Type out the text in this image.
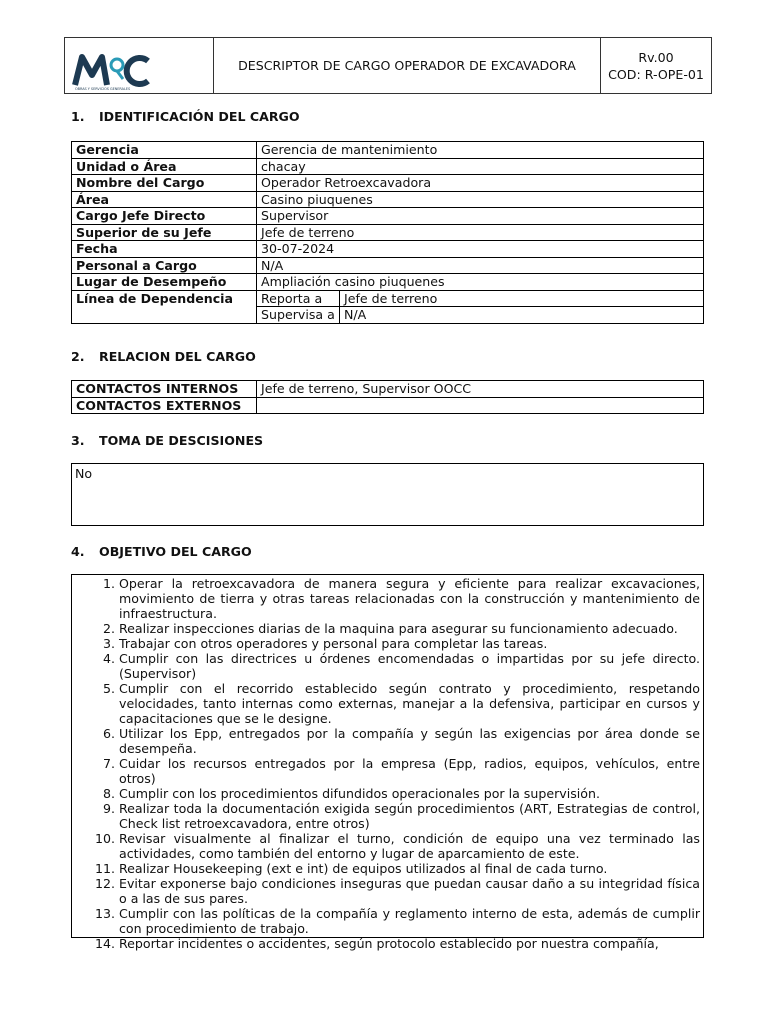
OBRAS Y SERVICIOS GENERALES
	DESCRIPTOR DE CARGO OPERADOR DE EXCAVADORA	
Rv.00
COD: R-OPE-01
1. IDENTIFICACIÓN DEL CARGO
Gerencia	Gerencia de mantenimiento	
Unidad o Área	chacay	
Nombre del Cargo	Operador Retroexcavadora	
Área	Casino piuquenes	
Cargo Jefe Directo	Supervisor	
Superior de su Jefe	Jefe de terreno	
Fecha	30-07-2024	
Personal a Cargo	N/A	
Lugar de Desempeño	Ampliación casino piuquenes	
Línea de Dependencia	Reporta a	Jefe de terreno
	Supervisa a	N/A
2. RELACION DEL CARGO
CONTACTOS INTERNOS	Jefe de terreno, Supervisor OOCC
CONTACTOS EXTERNOS	
3. TOMA DE DESCISIONES
No
4. OBJETIVO DEL CARGO
1. Operar la retroexcavadora de manera segura y eficiente para realizar excavaciones, movimiento de tierra y otras tareas relacionadas con la construcción y mantenimiento de infraestructura.
2. Realizar inspecciones diarias de la maquina para asegurar su funcionamiento adecuado.
3. Trabajar con otros operadores y personal para completar las tareas.
4. Cumplir con las directrices u órdenes encomendadas o impartidas por su jefe directo. (Supervisor)
5. Cumplir con el recorrido establecido según contrato y procedimiento, respetando velocidades, tanto internas como externas, manejar a la defensiva, participar en cursos y capacitaciones que se le designe.
6. Utilizar los Epp, entregados por la compañía y según las exigencias por área donde se desempeña.
7. Cuidar los recursos entregados por la empresa (Epp, radios, equipos, vehículos, entre otros)
8. Cumplir con los procedimientos difundidos operacionales por la supervisión.
9. Realizar toda la documentación exigida según procedimientos (ART, Estrategias de control, Check list retroexcavadora, entre otros)
10. Revisar visualmente al finalizar el turno, condición de equipo una vez terminado las actividades, como también del entorno y lugar de aparcamiento de este.
11. Realizar Housekeeping (ext e int) de equipos utilizados al final de cada turno.
12. Evitar exponerse bajo condiciones inseguras que puedan causar daño a su integridad física o a las de sus pares.
13. Cumplir con las políticas de la compañía y reglamento interno de esta, además de cumplir con procedimiento de trabajo.
14. Reportar incidentes o accidentes, según protocolo establecido por nuestra compañía,
